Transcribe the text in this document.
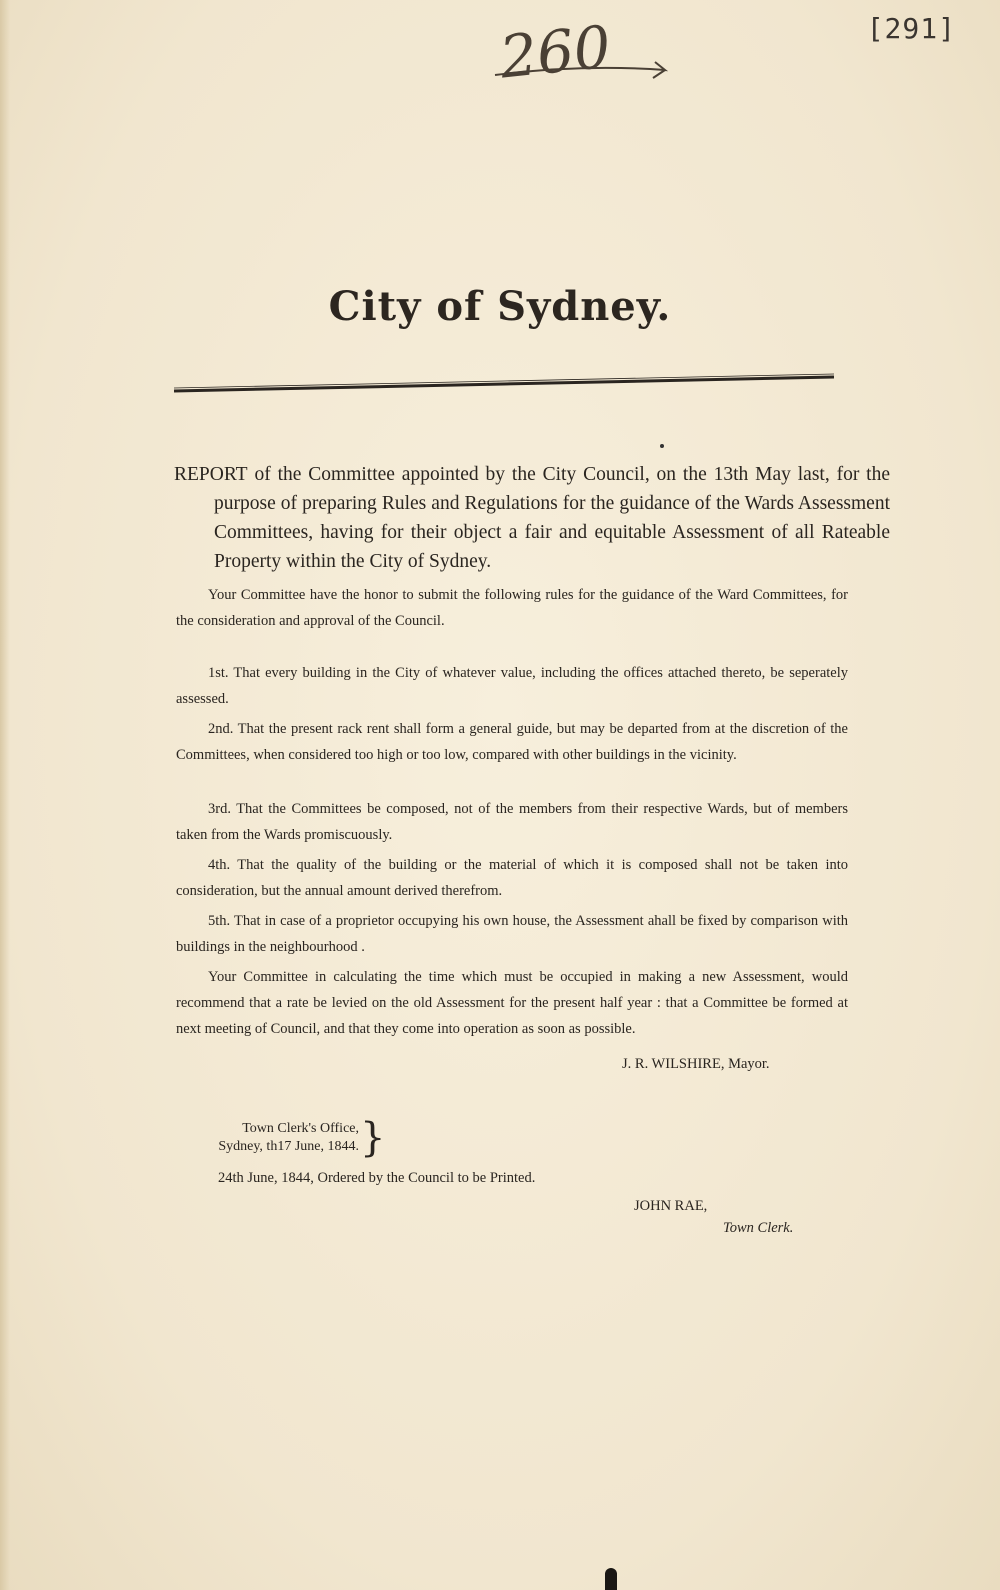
[291]
260
City of Sydney.
REPORT of the Committee appointed by the City Council, on the 13th May last, for the purpose of preparing Rules and Regulations for the guidance of the Wards Assessment Committees, having for their object a fair and equitable Assessment of all Rateable Property within the City of Sydney.

Your Committee have the honor to submit the following rules for the guidance of the Ward Committees, for the consideration and approval of the Council.

1st. That every building in the City of whatever value, including the offices attached thereto, be seperately assessed.

2nd. That the present rack rent shall form a general guide, but may be departed from at the discretion of the Committees, when considered too high or too low, compared with other buildings in the vicinity.

3rd. That the Committees be composed, not of the members from their respective Wards, but of members taken from the Wards promiscuously.

4th. That the quality of the building or the material of which it is composed shall not be taken into consideration, but the annual amount derived therefrom.

5th. That in case of a proprietor occupying his own house, the Assessment ahall be fixed by comparison with buildings in the neighbourhood .

Your Committee in calculating the time which must be occupied in making a new Assessment, would recommend that a rate be levied on the old Assessment for the present half year : that a Committee be formed at next meeting of Council, and that they come into operation as soon as possible.

J. R. WILSHIRE, Mayor.
Town Clerk's Office,
Sydney, th17 June, 1844. }
24th June, 1844, Ordered by the Council to be Printed.
JOHN RAE,
Town Clerk.
